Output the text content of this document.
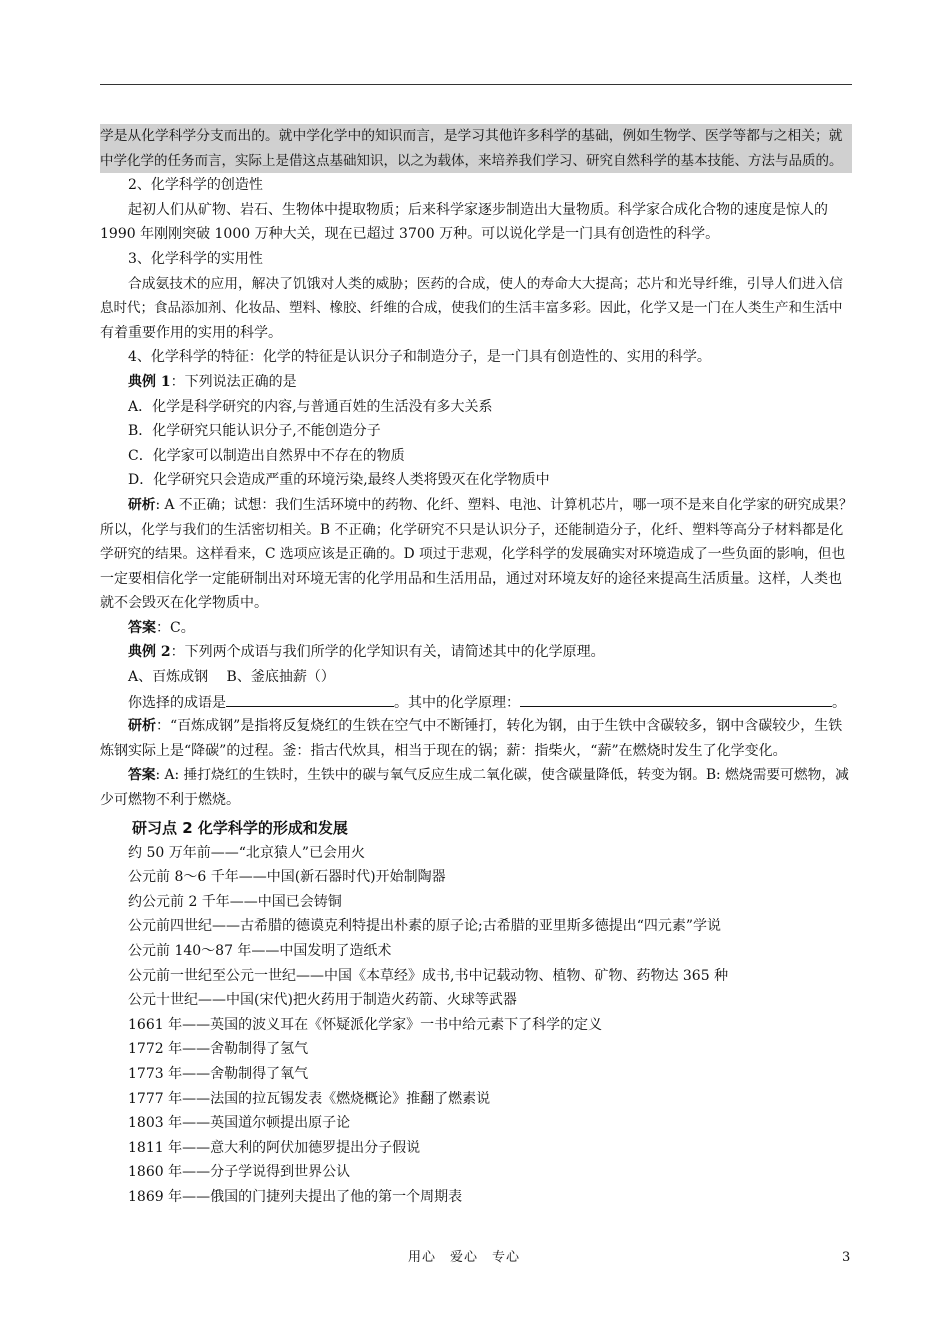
学是从化学科学分支而出的。就中学化学中的知识而言，是学习其他许多科学的基础，例如生物学、医学等都与之相关；就
中学化学的任务而言，实际上是借这点基础知识，以之为载体，来培养我们学习、研究自然科学的基本技能、方法与品质的。
2、化学科学的创造性
起初人们从矿物、岩石、生物体中提取物质；后来科学家逐步制造出大量物质。科学家合成化合物的速度是惊人的
1990 年刚刚突破 1000 万种大关，现在已超过 3700 万种。可以说化学是一门具有创造性的科学。
3、化学科学的实用性
合成氨技术的应用，解决了饥饿对人类的威胁；医药的合成，使人的寿命大大提高；芯片和光导纤维，引导人们进入信
息时代；食品添加剂、化妆品、塑料、橡胶、纤维的合成，使我们的生活丰富多彩。因此，化学又是一门在人类生产和生活中
有着重要作用的实用的科学。
4、化学科学的特征：化学的特征是认识分子和制造分子，是一门具有创造性的、实用的科学。
典例 1：下列说法正确的是
A．化学是科学研究的内容,与普通百姓的生活没有多大关系
B．化学研究只能认识分子,不能创造分子
C．化学家可以制造出自然界中不存在的物质
D．化学研究只会造成严重的环境污染,最终人类将毁灭在化学物质中
研析: A 不正确；试想：我们生活环境中的药物、化纤、塑料、电池、计算机芯片，哪一项不是来自化学家的研究成果？
所以，化学与我们的生活密切相关。B 不正确；化学研究不只是认识分子，还能制造分子，化纤、塑料等高分子材料都是化
学研究的结果。这样看来，C 选项应该是正确的。D 项过于悲观，化学科学的发展确实对环境造成了一些负面的影响，但也
一定要相信化学一定能研制出对环境无害的化学用品和生活用品，通过对环境友好的途径来提高生活质量。这样，人类也
就不会毁灭在化学物质中。
答案：C。
典例 2：下列两个成语与我们所学的化学知识有关，请简述其中的化学原理。
A、百炼成钢　 B、釜底抽薪（）
你选择的成语是	。其中的化学原理：	。
研析：“百炼成钢”是指将反复烧红的生铁在空气中不断锤打，转化为钢，由于生铁中含碳较多，钢中含碳较少，生铁
炼钢实际上是“降碳”的过程。釜：指古代炊具，相当于现在的锅；薪：指柴火，“薪”在燃烧时发生了化学变化。
答案: A: 捶打烧红的生铁时，生铁中的碳与氧气反应生成二氧化碳，使含碳量降低，转变为钢。B: 燃烧需要可燃物，减
少可燃物不利于燃烧。
研习点 2 化学科学的形成和发展
约 50 万年前——“北京猿人”已会用火
公元前 8～6 千年——中国(新石器时代)开始制陶器
约公元前 2 千年——中国已会铸铜
公元前四世纪——古希腊的德谟克利特提出朴素的原子论;古希腊的亚里斯多德提出“四元素”学说
公元前 140～87 年——中国发明了造纸术
公元前一世纪至公元一世纪——中国《本草经》成书,书中记载动物、植物、矿物、药物达 365 种
公元十世纪——中国(宋代)把火药用于制造火药箭、火球等武器
1661 年——英国的波义耳在《怀疑派化学家》一书中给元素下了科学的定义
1772 年——舍勒制得了氢气
1773 年——舍勒制得了氧气
1777 年——法国的拉瓦锡发表《燃烧概论》推翻了燃素说
1803 年——英国道尔顿提出原子论
1811 年——意大利的阿伏加德罗提出分子假说
1860 年——分子学说得到世界公认
1869 年——俄国的门捷列夫提出了他的第一个周期表
用心　爱心　专心	3
